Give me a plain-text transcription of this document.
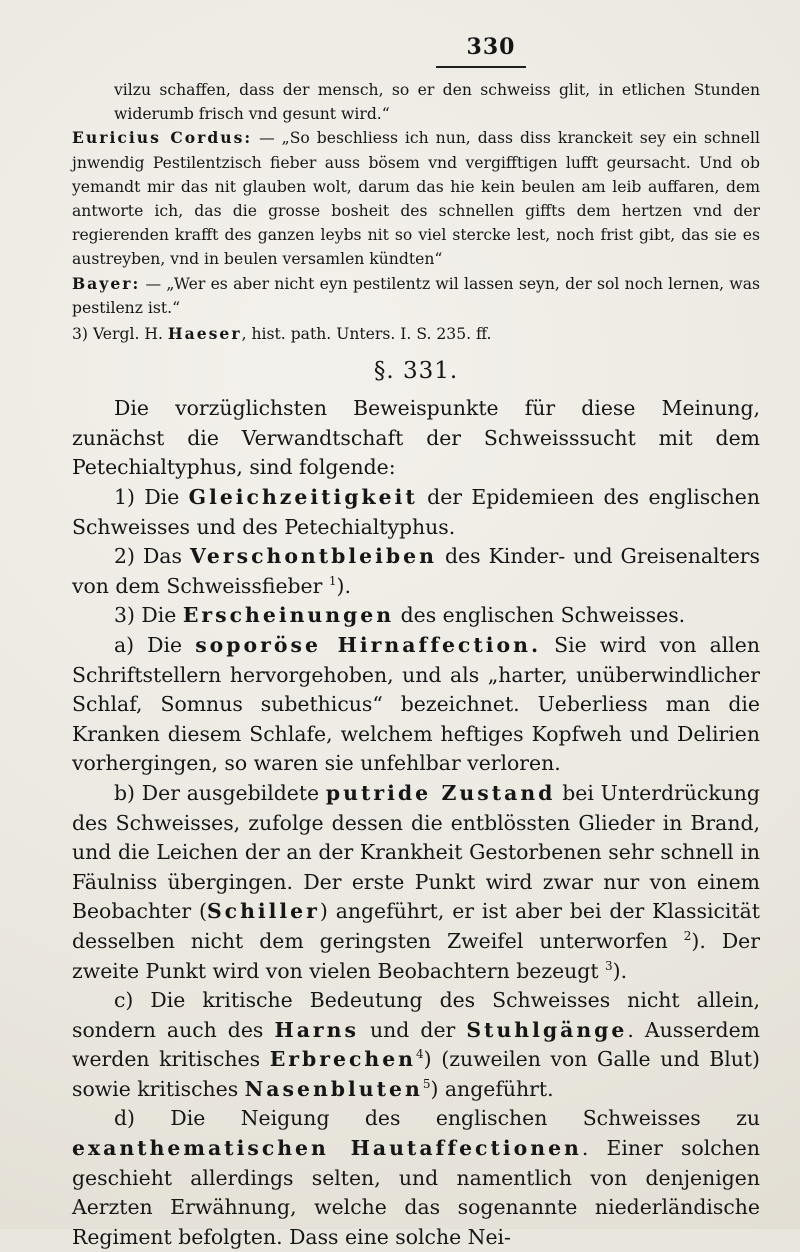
330

vilzu schaffen, dass der mensch, so er den schweiss glit, in etlichen Stunden widerumb frisch vnd gesunt wird.“

Euricius Cordus: — „So beschliess ich nun, dass diss kranckeit sey ein schnell jnwendig Pestilentzisch fieber auss bösem vnd vergifftigen lufft geursacht. Und ob yemandt mir das nit glauben wolt, darum das hie kein beulen am leib auffaren, dem antworte ich, das die grosse bosheit des schnellen giffts dem hertzen vnd der regierenden krafft des ganzen leybs nit so viel stercke lest, noch frist gibt, das sie es austreyben, vnd in beulen versamlen kündten“

Bayer: — „Wer es aber nicht eyn pestilentz wil lassen seyn, der sol noch lernen, was pestilenz ist.“

3) Vergl. H. Haeser, hist. path. Unters. I. S. 235. ff.

§. 331.

Die vorzüglichsten Beweispunkte für diese Meinung, zunächst die Verwandtschaft der Schweisssucht mit dem Petechialtyphus, sind folgende:

1) Die Gleichzeitigkeit der Epidemieen des englischen Schweisses und des Petechialtyphus.

2) Das Verschontbleiben des Kinder- und Greisenalters von dem Schweissfieber $^1$).

3) Die Erscheinungen des englischen Schweisses.

a) Die soporöse Hirnaffection. Sie wird von allen Schriftstellern hervorgehoben, und als „harter, unüberwindlicher Schlaf, Somnus subethicus“ bezeichnet. Ueberliess man die Kranken diesem Schlafe, welchem heftiges Kopfweh und Delirien vorhergingen, so waren sie unfehlbar verloren.

b) Der ausgebildete putride Zustand bei Unterdrückung des Schweisses, zufolge dessen die entblössten Glieder in Brand, und die Leichen der an der Krankheit Gestorbenen sehr schnell in Fäulniss übergingen. Der erste Punkt wird zwar nur von einem Beobachter (Schiller) angeführt, er ist aber bei der Klassicität desselben nicht dem geringsten Zweifel unterworfen $^2$). Der zweite Punkt wird von vielen Beobachtern bezeugt $^3$).

c) Die kritische Bedeutung des Schweisses nicht allein, sondern auch des Harns und der Stuhlgänge. Ausserdem werden kritisches Erbrechen$^4$) (zuweilen von Galle und Blut) sowie kritisches Nasenbluten$^5$) angeführt.

d) Die Neigung des englischen Schweisses zu exanthematischen Hautaffectionen. Einer solchen geschieht allerdings selten, und namentlich von denjenigen Aerzten Erwähnung, welche das sogenannte niederländische Regiment befolgten. Dass eine solche Nei-
